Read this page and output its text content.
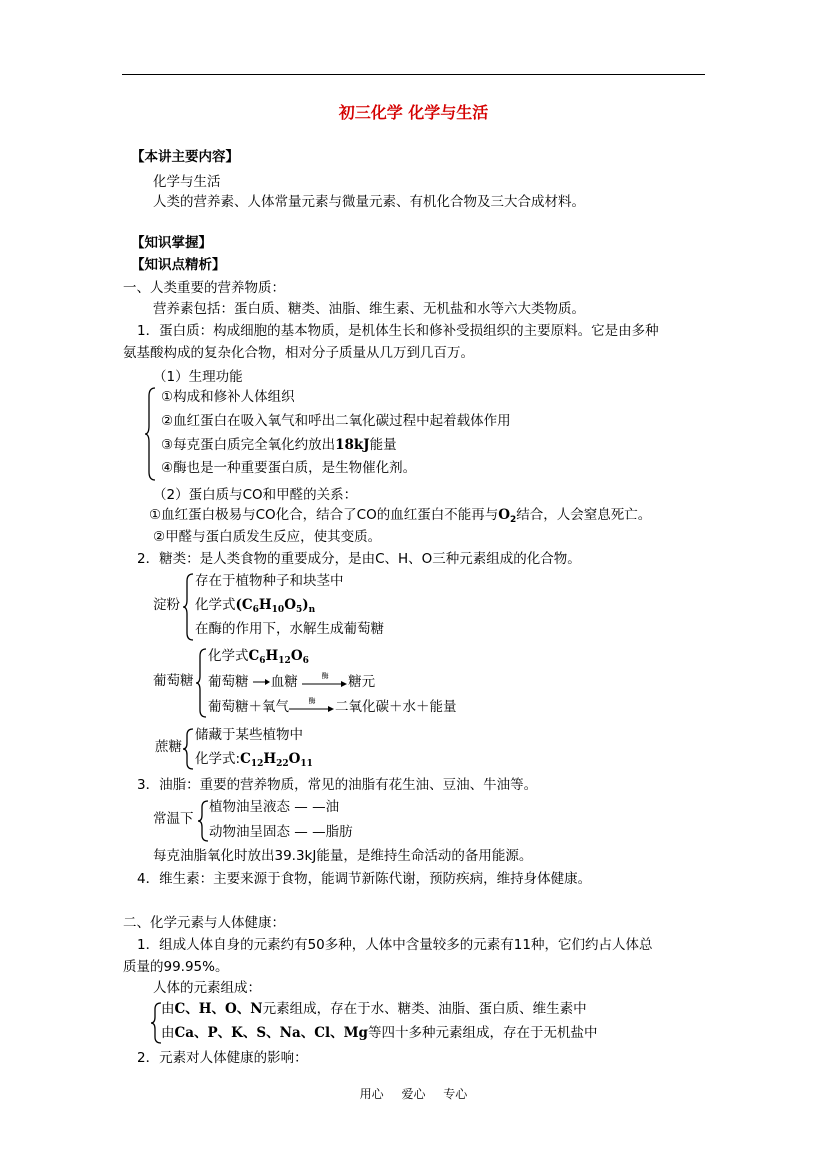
初三化学 化学与生活
【本讲主要内容】
化学与生活
人类的营养素、人体常量元素与微量元素、有机化合物及三大合成材料。
【知识掌握】
【知识点精析】
一、人类重要的营养物质：
营养素包括：蛋白质、糖类、油脂、维生素、无机盐和水等六大类物质。
1．蛋白质：构成细胞的基本物质，是机体生长和修补受损组织的主要原料。它是由多种
氨基酸构成的复杂化合物，相对分子质量从几万到几百万。
（1）生理功能
①构成和修补人体组织
②血红蛋白在吸入氧气和呼出二氧化碳过程中起着载体作用
③每克蛋白质完全氧化约放出18kJ能量
④酶也是一种重要蛋白质，是生物催化剂。
（2）蛋白质与CO和甲醛的关系：
①血红蛋白极易与CO化合，结合了CO的血红蛋白不能再与$O_2$结合，人会窒息死亡。
②甲醛与蛋白质发生反应，使其变质。
2．糖类：是人类食物的重要成分，是由C、H、O三种元素组成的化合物。
淀粉
存在于植物种子和块茎中
化学式$(C_6H_{10}O_5)_n$
在酶的作用下，水解生成葡萄糖
葡萄糖
化学式$C_6H_{12}O_6$
葡萄糖 血糖	酶	糖元
葡萄糖＋氧气	酶	二氧化碳＋水＋能量
蔗糖
储藏于某些植物中
化学式$:C_{12}H_{22}O_{11}$
3．油脂：重要的营养物质，常见的油脂有花生油、豆油、牛油等。
常温下
植物油呈液态 — —油
动物油呈固态 — —脂肪
每克油脂氧化时放出39.3kJ能量，是维持生命活动的备用能源。
4．维生素：主要来源于食物，能调节新陈代谢，预防疾病，维持身体健康。
二、化学元素与人体健康：
1．组成人体自身的元素约有50多种，人体中含量较多的元素有11种，它们约占人体总
质量的99.95%。
人体的元素组成：
由C、H、O、N元素组成，存在于水、糖类、油脂、蛋白质、维生素中
由Ca、P、K、S、Na、Cl、Mg等四十多种元素组成，存在于无机盐中
2．元素对人体健康的影响：
用心 爱心 专心
